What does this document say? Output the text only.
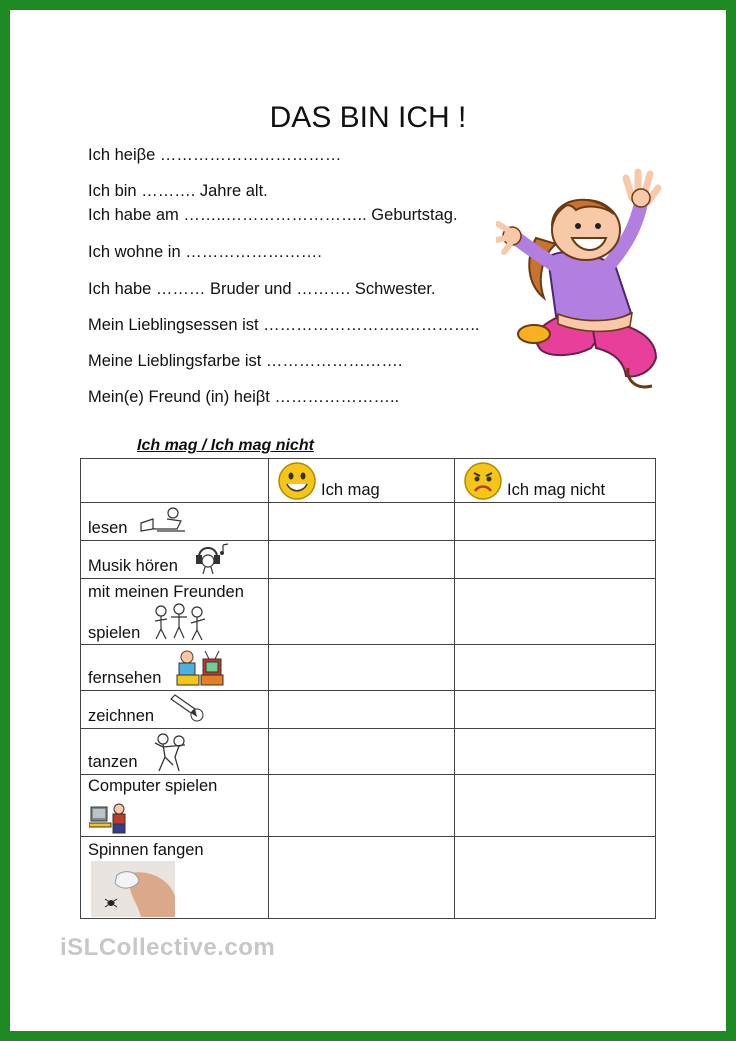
DAS BIN ICH !
Ich heiβe ……………………………
Ich bin ………. Jahre alt.
Ich habe am ……..…………………….. Geburtstag.
Ich wohne in …………………….
Ich habe ……… Bruder und ………. Schwester.
Mein Lieblingsessen ist ……………………..…………..
Meine Lieblingsfarbe ist …………………….
Mein(e) Freund (in) heiβt …………………..
Ich mag / Ich mag nicht

	Ich mag	Ich mag nicht

lesen		

Musik hören		

mit meinen Freunden
spielen		

fernsehen		

zeichnen		

tanzen		

Computer spielen		

Spinnen fangen		

iSLCollective.com
